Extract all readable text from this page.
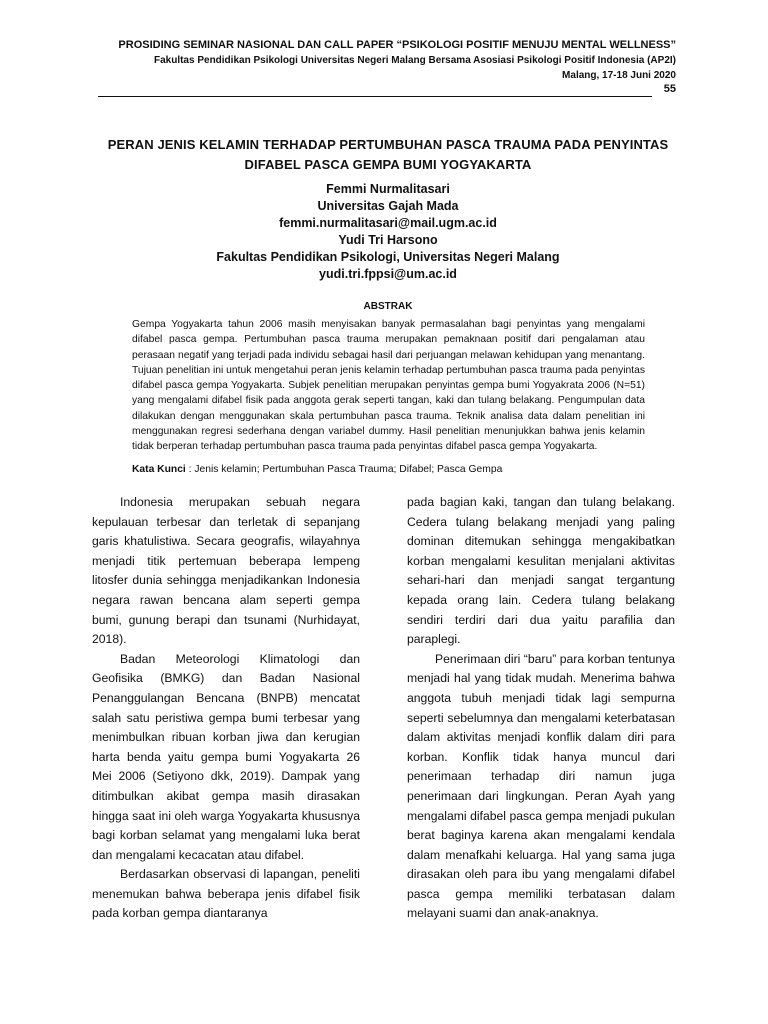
PROSIDING SEMINAR NASIONAL DAN CALL PAPER “PSIKOLOGI POSITIF MENUJU MENTAL WELLNESS”
Fakultas Pendidikan Psikologi Universitas Negeri Malang Bersama Asosiasi Psikologi Positif Indonesia (AP2I)
Malang, 17-18 Juni 2020
55
PERAN JENIS KELAMIN TERHADAP PERTUMBUHAN PASCA TRAUMA PADA PENYINTAS
DIFABEL PASCA GEMPA BUMI YOGYAKARTA
Femmi Nurmalitasari
Universitas Gajah Mada
femmi.nurmalitasari@mail.ugm.ac.id
Yudi Tri Harsono
Fakultas Pendidikan Psikologi, Universitas Negeri Malang
yudi.tri.fppsi@um.ac.id
ABSTRAK

Gempa Yogyakarta tahun 2006 masih menyisakan banyak permasalahan bagi penyintas yang mengalami difabel pasca gempa. Pertumbuhan pasca trauma merupakan pemaknaan positif dari pengalaman atau perasaan negatif yang terjadi pada individu sebagai hasil dari perjuangan melawan kehidupan yang menantang. Tujuan penelitian ini untuk mengetahui peran jenis kelamin terhadap pertumbuhan pasca trauma pada penyintas difabel pasca gempa Yogyakarta. Subjek penelitian merupakan penyintas gempa bumi Yogyakrata 2006 (N=51) yang mengalami difabel fisik pada anggota gerak seperti tangan, kaki dan tulang belakang. Pengumpulan data dilakukan dengan menggunakan skala pertumbuhan pasca trauma. Teknik analisa data dalam penelitian ini menggunakan regresi sederhana dengan variabel dummy. Hasil penelitian menunjukkan bahwa jenis kelamin tidak berperan terhadap pertumbuhan pasca trauma pada penyintas difabel pasca gempa Yogyakarta.

Kata Kunci : Jenis kelamin; Pertumbuhan Pasca Trauma; Difabel; Pasca Gempa

Indonesia merupakan sebuah negara kepulauan terbesar dan terletak di sepanjang garis khatulistiwa. Secara geografis, wilayahnya menjadi titik pertemuan beberapa lempeng litosfer dunia sehingga menjadikankan Indonesia negara rawan bencana alam seperti gempa bumi, gunung berapi dan tsunami (Nurhidayat, 2018).

Badan Meteorologi Klimatologi dan Geofisika (BMKG) dan Badan Nasional Penanggulangan Bencana (BNPB) mencatat salah satu peristiwa gempa bumi terbesar yang menimbulkan ribuan korban jiwa dan kerugian harta benda yaitu gempa bumi Yogyakarta 26 Mei 2006 (Setiyono dkk, 2019). Dampak yang ditimbulkan akibat gempa masih dirasakan hingga saat ini oleh warga Yogyakarta khususnya bagi korban selamat yang mengalami luka berat dan mengalami kecacatan atau difabel.

Berdasarkan observasi di lapangan, peneliti menemukan bahwa beberapa jenis difabel fisik pada korban gempa diantaranya

pada bagian kaki, tangan dan tulang belakang. Cedera tulang belakang menjadi yang paling dominan ditemukan sehingga mengakibatkan korban mengalami kesulitan menjalani aktivitas sehari-hari dan menjadi sangat tergantung kepada orang lain. Cedera tulang belakang sendiri terdiri dari dua yaitu parafilia dan paraplegi.

Penerimaan diri “baru” para korban tentunya menjadi hal yang tidak mudah. Menerima bahwa anggota tubuh menjadi tidak lagi sempurna seperti sebelumnya dan mengalami keterbatasan dalam aktivitas menjadi konflik dalam diri para korban. Konflik tidak hanya muncul dari penerimaan terhadap diri namun juga penerimaan dari lingkungan. Peran Ayah yang mengalami difabel pasca gempa menjadi pukulan berat baginya karena akan mengalami kendala dalam menafkahi keluarga. Hal yang sama juga dirasakan oleh para ibu yang mengalami difabel pasca gempa memiliki terbatasan dalam melayani suami dan anak-anaknya.
